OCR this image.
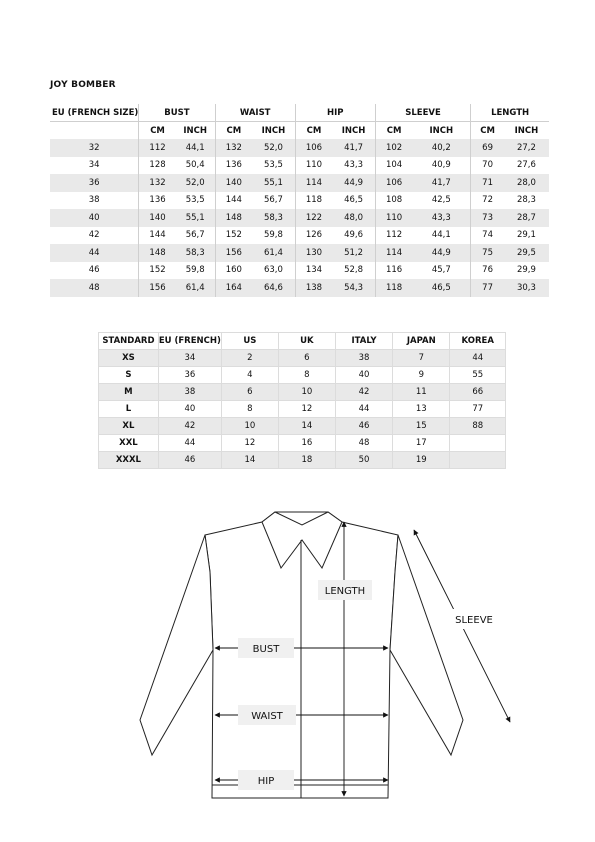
JOY BOMBER
EU (FRENCH SIZE)	BUST		WAIST		HIP		SLEEVE		LENGTH	
	CM	INCH	CM	INCH	CM	INCH	CM	INCH	CM	INCH
32	112	44,1	132	52,0	106	41,7	102	40,2	69	27,2
34	128	50,4	136	53,5	110	43,3	104	40,9	70	27,6
36	132	52,0	140	55,1	114	44,9	106	41,7	71	28,0
38	136	53,5	144	56,7	118	46,5	108	42,5	72	28,3
40	140	55,1	148	58,3	122	48,0	110	43,3	73	28,7
42	144	56,7	152	59,8	126	49,6	112	44,1	74	29,1
44	148	58,3	156	61,4	130	51,2	114	44,9	75	29,5
46	152	59,8	160	63,0	134	52,8	116	45,7	76	29,9
48	156	61,4	164	64,6	138	54,3	118	46,5	77	30,3
STANDARD	EU (FRENCH)	US	UK	ITALY	JAPAN	KOREA
XS	34	2	6	38	7	44
S	36	4	8	40	9	55
M	38	6	10	42	11	66
L	40	8	12	44	13	77
XL	42	10	14	46	15	88
XXL	44	12	16	48	17	
XXXL	46	14	18	50	19	
LENGTH
SLEEVE
BUST
WAIST
HIP
